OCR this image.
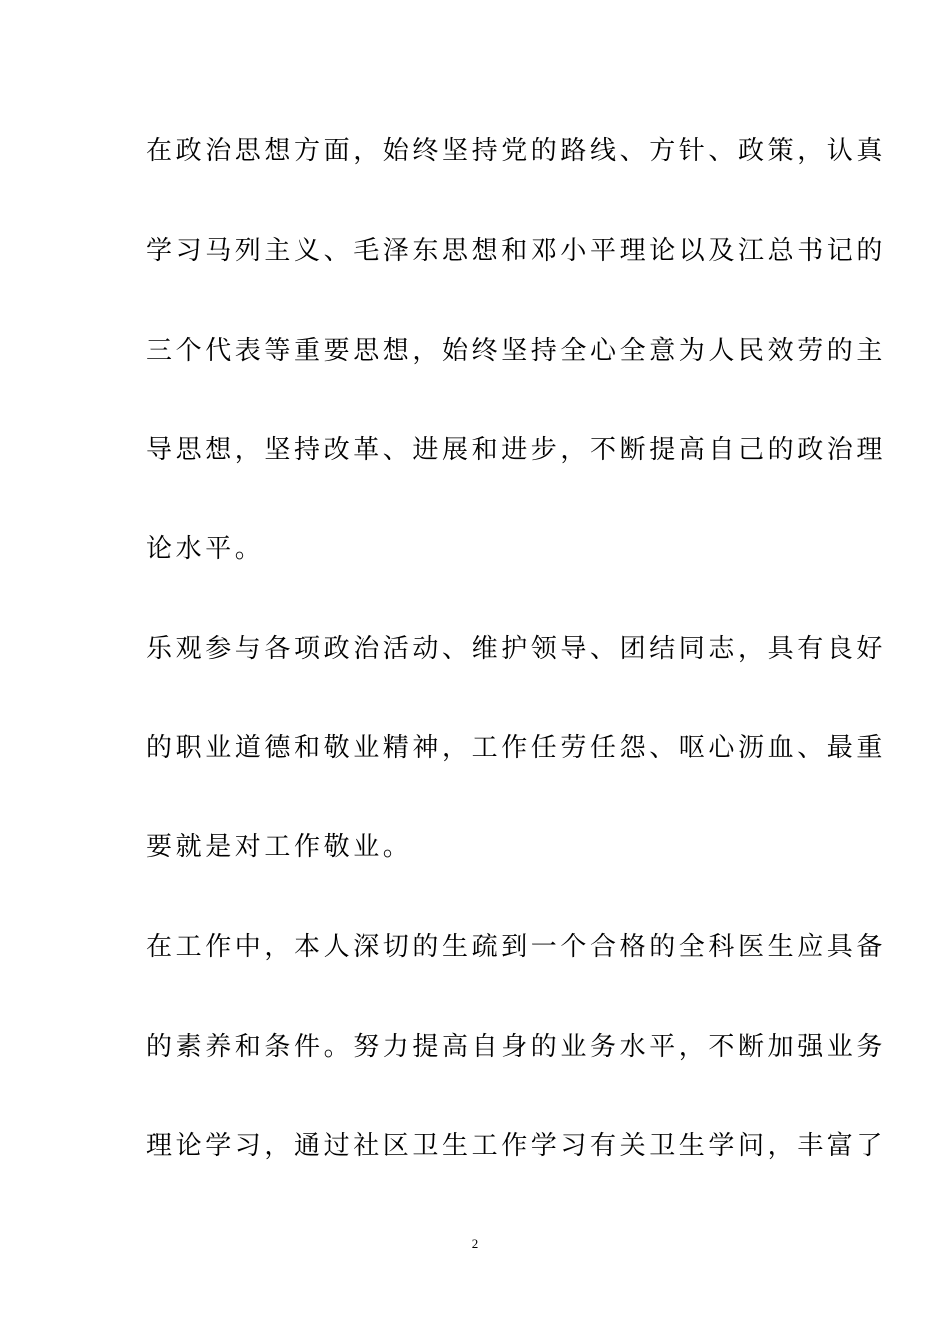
在政治思想方面，始终坚持党的路线、方针、政策，认真
学习马列主义、毛泽东思想和邓小平理论以及江总书记的
三个代表等重要思想，始终坚持全心全意为人民效劳的主
导思想，坚持改革、进展和进步，不断提高自己的政治理
论水平。
乐观参与各项政治活动、维护领导、团结同志，具有良好
的职业道德和敬业精神，工作任劳任怨、呕心沥血、最重
要就是对工作敬业。
在工作中，本人深切的生疏到一个合格的全科医生应具备
的素养和条件。努力提高自身的业务水平，不断加强业务
理论学习，通过社区卫生工作学习有关卫生学问，丰富了
2
